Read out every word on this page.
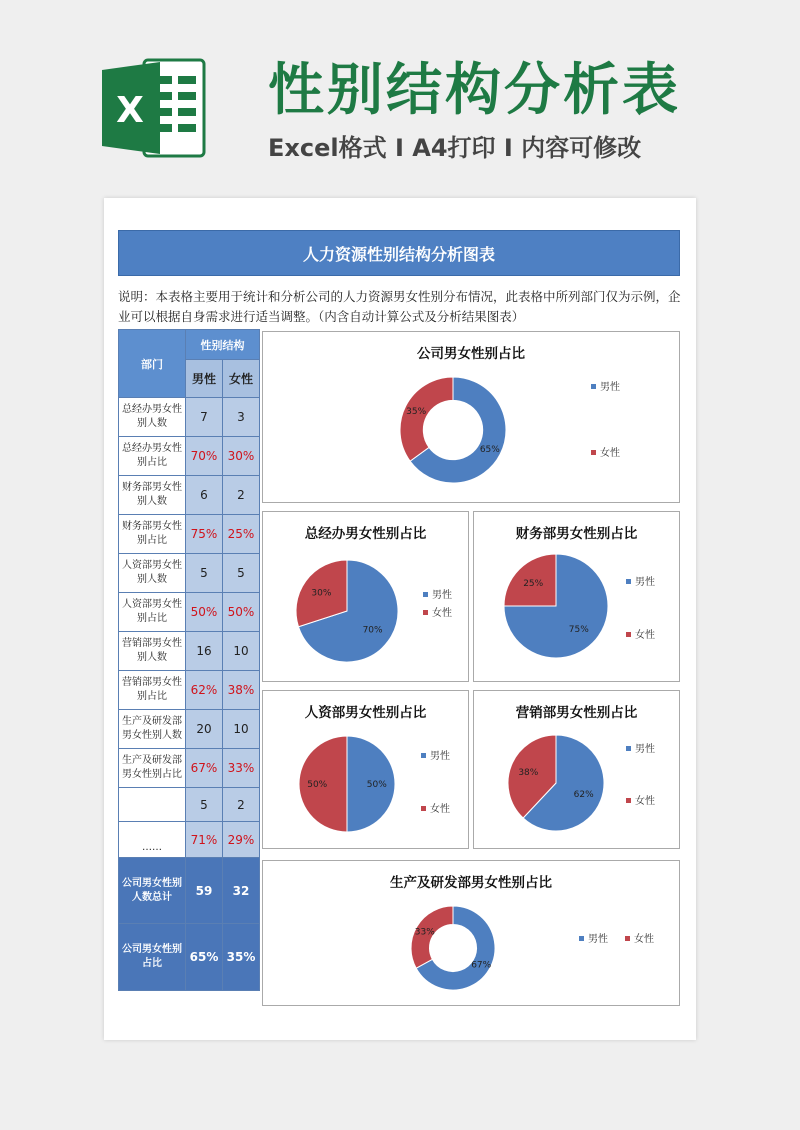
X 性别结构分析表
Excel格式 Ⅰ A4打印 Ⅰ 内容可修改
人力资源性别结构分析图表
说明：本表格主要用于统计和分析公司的人力资源男女性别分布情况，此表格中所列部门仅为示例，企业可以根据自身需求进行适当调整。（内含自动计算公式及分析结果图表）
部门	性别结构	
	男性	女性
总经办男女性别人数	7	3
总经办男女性别占比	70%	30%
财务部男女性别人数	6	2
财务部男女性别占比	75%	25%
人资部男女性别人数	5	5
人资部男女性别占比	50%	50%
营销部男女性别人数	16	10
营销部男女性别占比	62%	38%
生产及研发部男女性别人数	20	10
生产及研发部男女性别占比	67%	33%
	5	2
……	71%	29%
公司男女性别人数总计	59	32
公司男女性别占比	65%	35%
公司男女性别占比
65%
35%
男性
女性
总经办男女性别占比
70%
30%	男性
女性
财务部男女性别占比
75%
25%	男性
女性
人资部男女性别占比
50%
50%
男性
女性
营销部男女性别占比
62%
38%
男性
女性
生产及研发部男女性别占比
67%
33%
男性	女性
